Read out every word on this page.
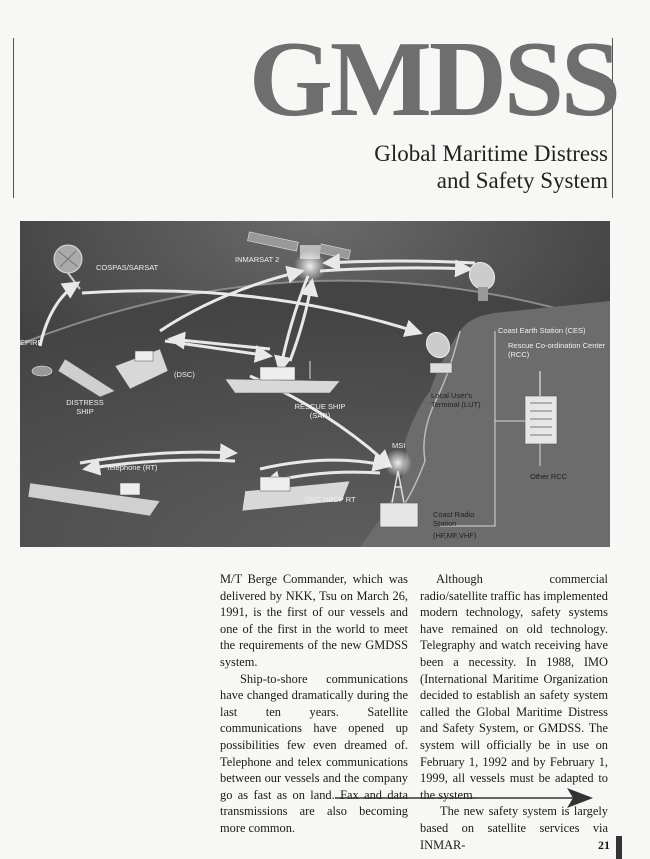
GMDSS
Global Maritime Distress
and Safety System
COSPAS/SARSAT
INMARSAT 2
EPIRB
DISTRESS
SHIP
(DSC)
RESCUE SHIP
(SAR)
Coast Earth Station (CES)
Rescue Co-ordination Center
(RCC)
Local User's
Terminal (LUT)
MSI
Telephone (RT)
DSC NBDP RT
Other RCC
Coast Radio
Station
(HF,MF,VHF)

M/T Berge Commander, which was delivered by NKK, Tsu on March 26, 1991, is the first of our vessels and one of the first in the world to meet the requirements of the new GMDSS system.

Ship-to-shore communications have changed dramatically during the last ten years. Satellite communications have opened up possibilities few even dreamed of. Telephone and telex communications between our vessels and the company go as fast as on land. Fax and data transmissions are also becoming more common.

Although commercial radio/satellite traffic has implemented modern technology, safety systems have remained on old technology. Telegraphy and watch receiving have been a necessity. In 1988, IMO (International Maritime Organization decided to establish an safety system called the Global Maritime Distress and Safety System, or GMDSS. The system will officially be in use on February 1, 1992 and by February 1, 1999, all vessels must be adapted to the system.

The new safety system is largely based on satellite services via INMAR-	21
